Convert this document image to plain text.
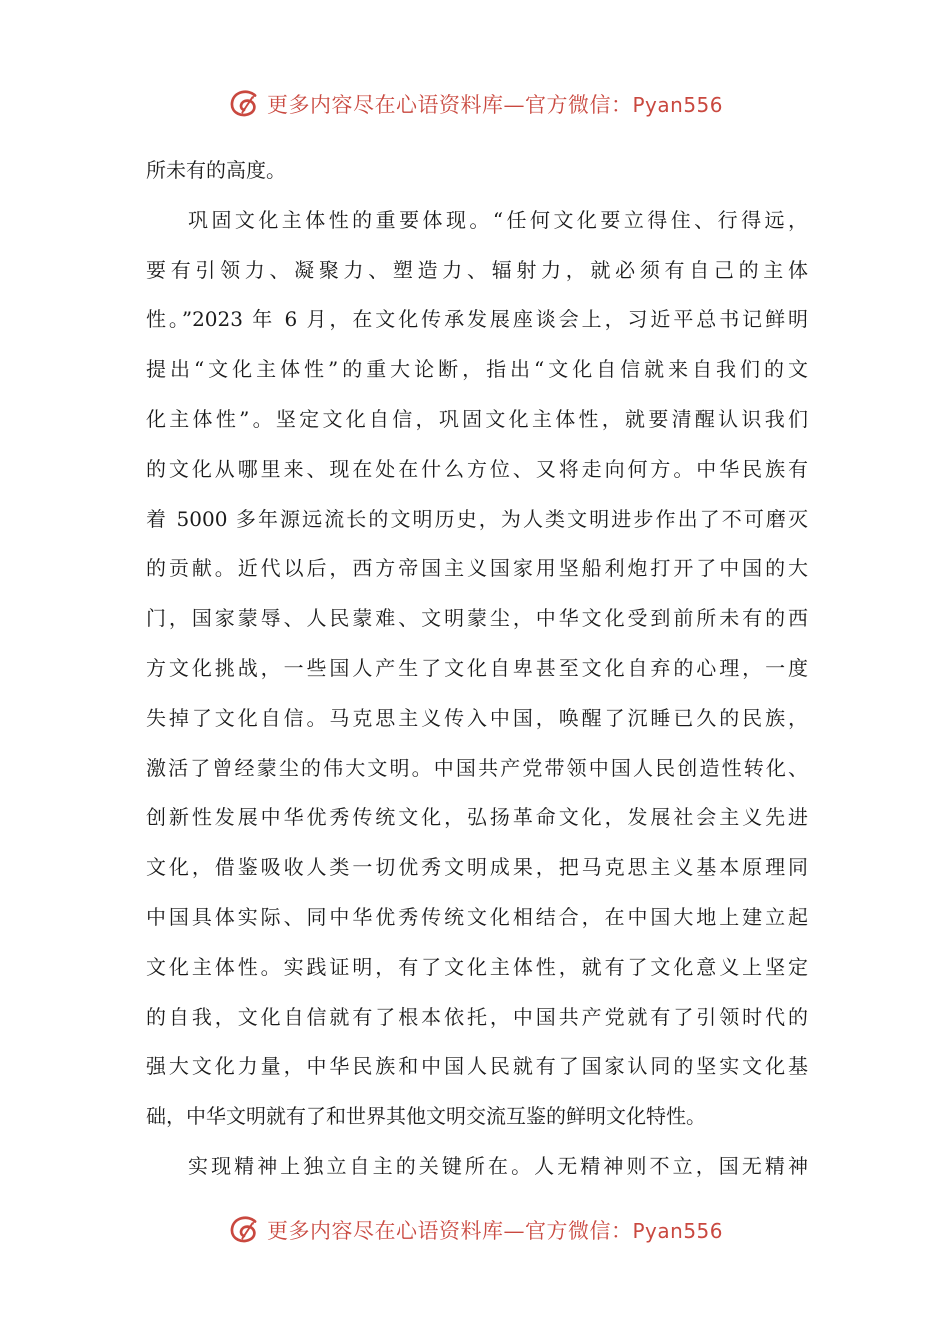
更多内容尽在心语资料库—官方微信：Pyan556
所未有的高度。
巩固文化主体性的重要体现。“任何文化要立得住、行得远，
要有引领力、凝聚力、塑造力、辐射力，就必须有自己的主体
性。”2023 年 6 月，在文化传承发展座谈会上，习近平总书记鲜明
提出“文化主体性”的重大论断，指出“文化自信就来自我们的文
化主体性”。坚定文化自信，巩固文化主体性，就要清醒认识我们
的文化从哪里来、现在处在什么方位、又将走向何方。中华民族有
着 5000 多年源远流长的文明历史，为人类文明进步作出了不可磨灭
的贡献。近代以后，西方帝国主义国家用坚船利炮打开了中国的大
门，国家蒙辱、人民蒙难、文明蒙尘，中华文化受到前所未有的西
方文化挑战，一些国人产生了文化自卑甚至文化自弃的心理，一度
失掉了文化自信。马克思主义传入中国，唤醒了沉睡已久的民族，
激活了曾经蒙尘的伟大文明。中国共产党带领中国人民创造性转化、
创新性发展中华优秀传统文化，弘扬革命文化，发展社会主义先进
文化，借鉴吸收人类一切优秀文明成果，把马克思主义基本原理同
中国具体实际、同中华优秀传统文化相结合，在中国大地上建立起
文化主体性。实践证明，有了文化主体性，就有了文化意义上坚定
的自我，文化自信就有了根本依托，中国共产党就有了引领时代的
强大文化力量，中华民族和中国人民就有了国家认同的坚实文化基
础，中华文明就有了和世界其他文明交流互鉴的鲜明文化特性。
实现精神上独立自主的关键所在。人无精神则不立，国无精神
更多内容尽在心语资料库—官方微信：Pyan556
